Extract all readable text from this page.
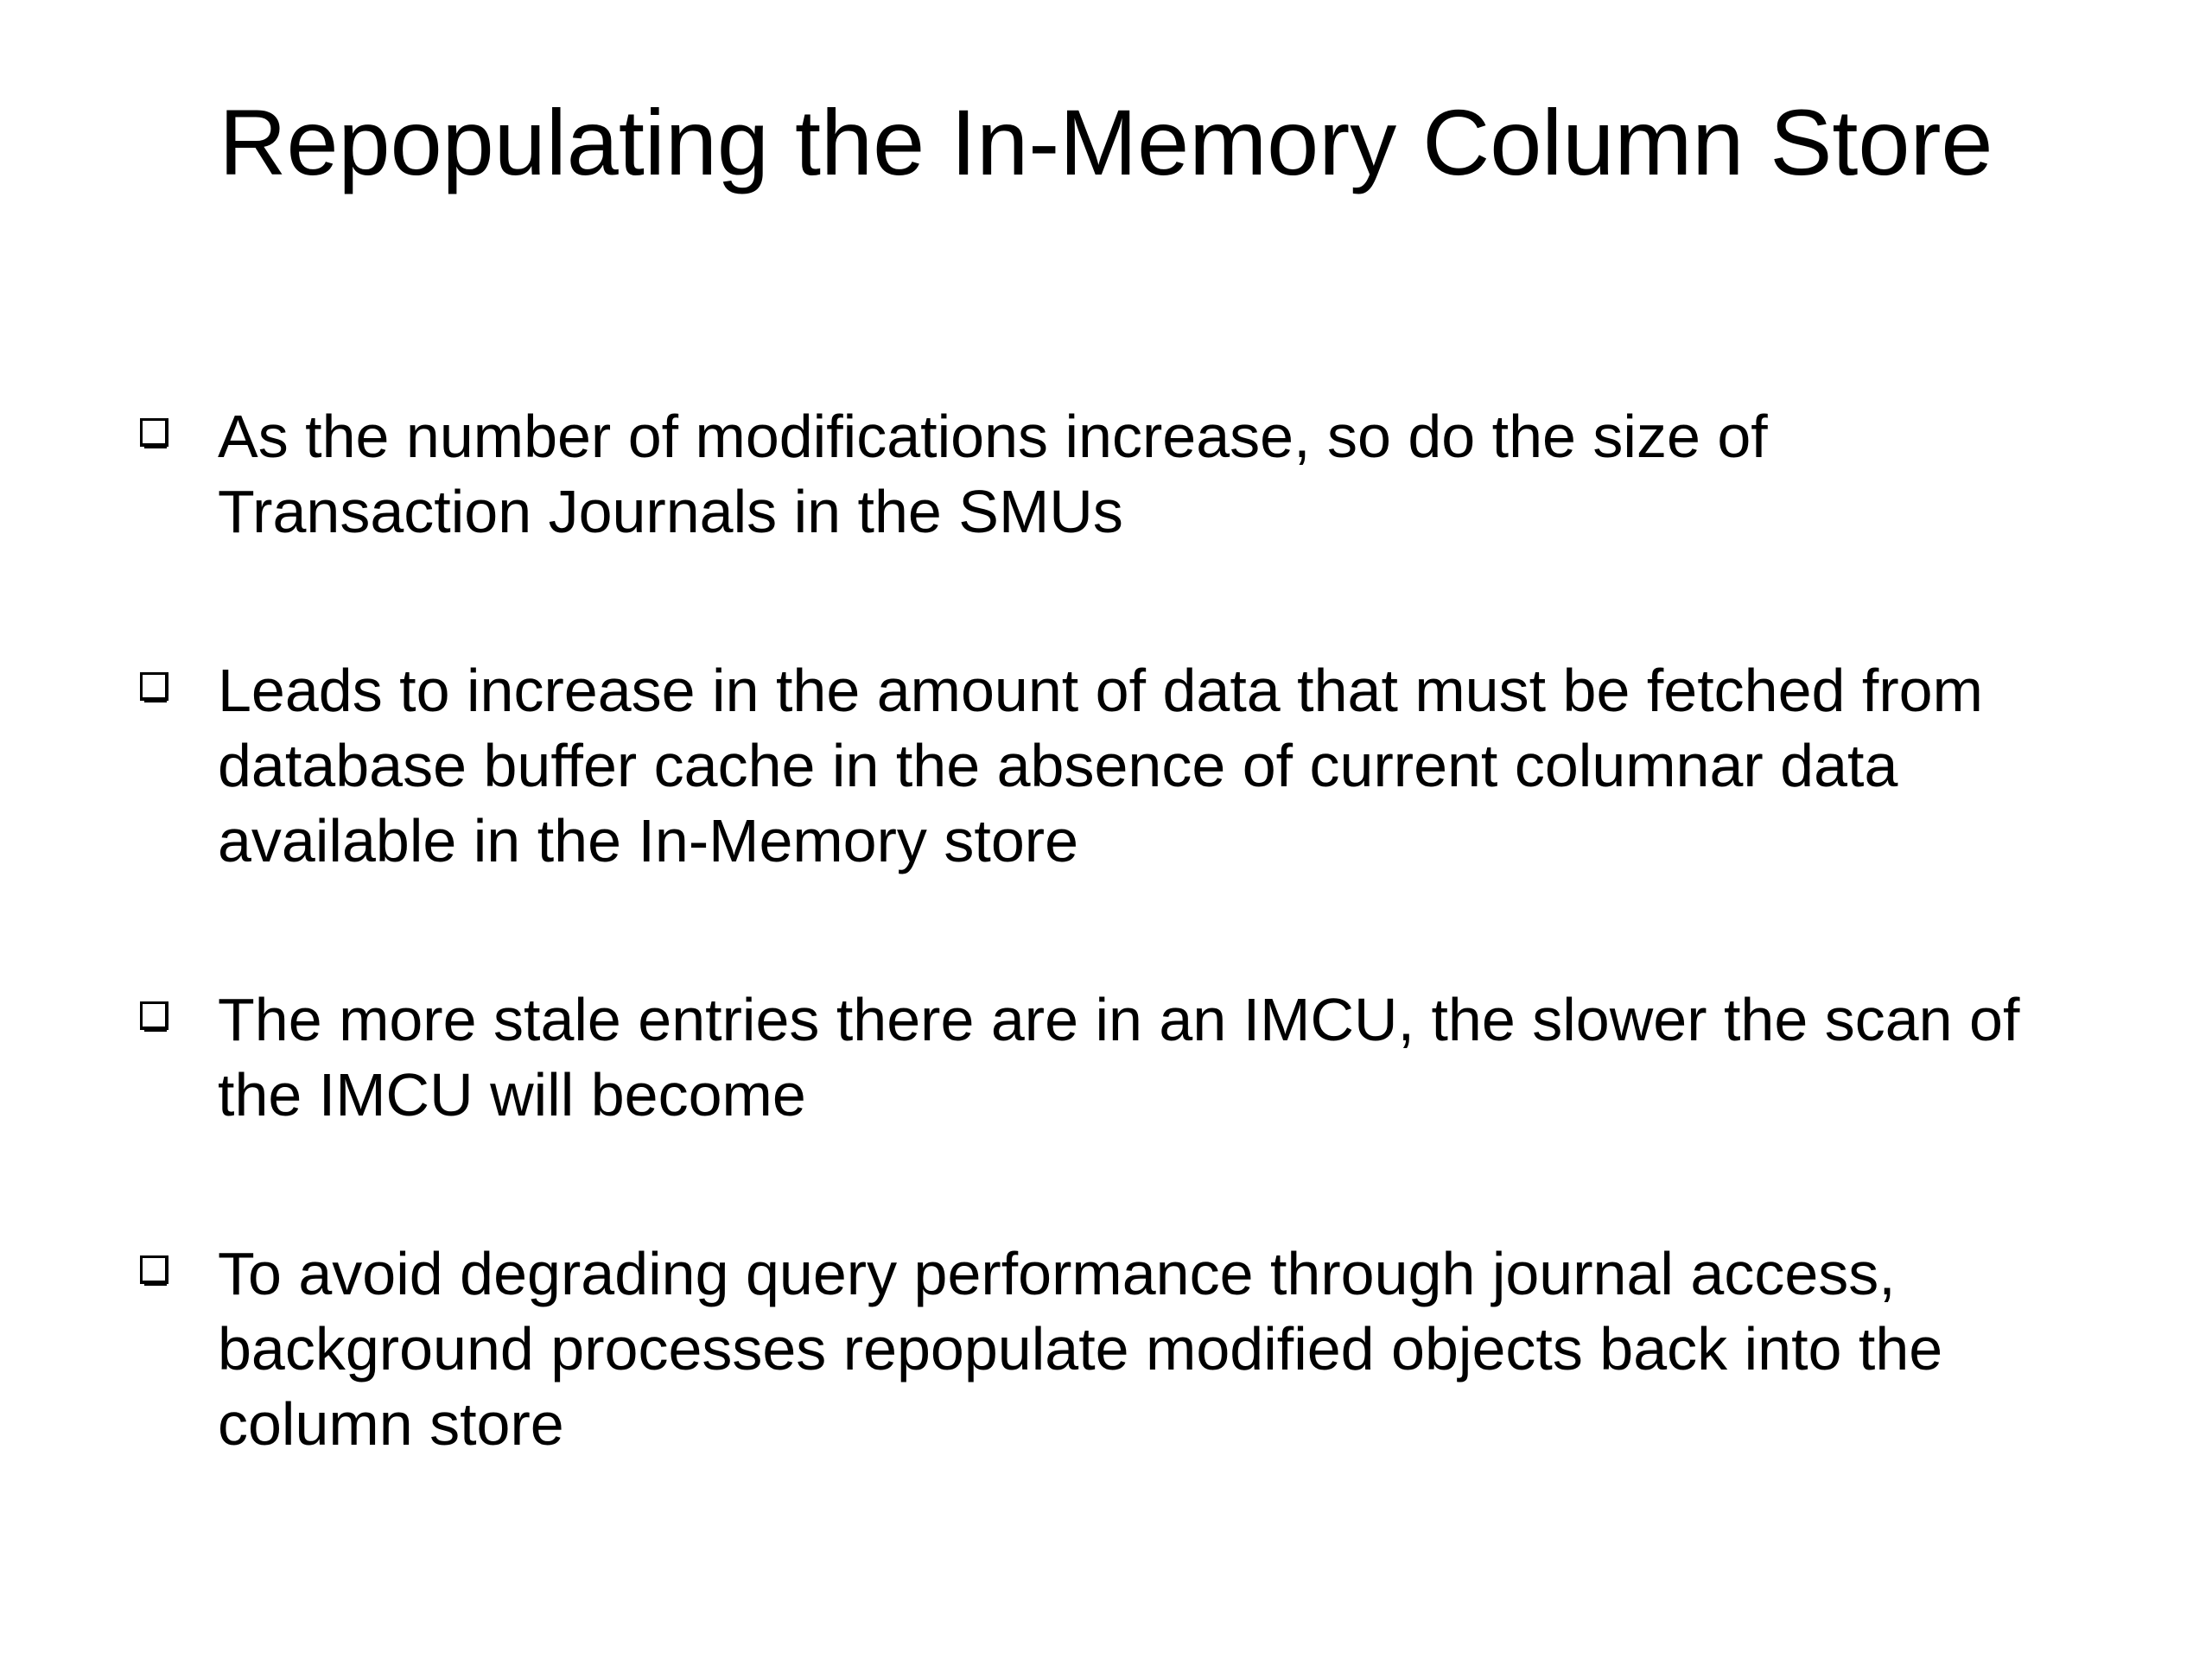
Repopulating the In-Memory Column Store
As the number of modifications increase, so do the size of
Transaction Journals in the SMUs
Leads to increase in the amount of data that must be fetched from
database buffer cache in the absence of current columnar data
available in the In-Memory store
The more stale entries there are in an IMCU, the slower the scan of
the IMCU will become
To avoid degrading query performance through journal access,
background processes repopulate modified objects back into the
column store
